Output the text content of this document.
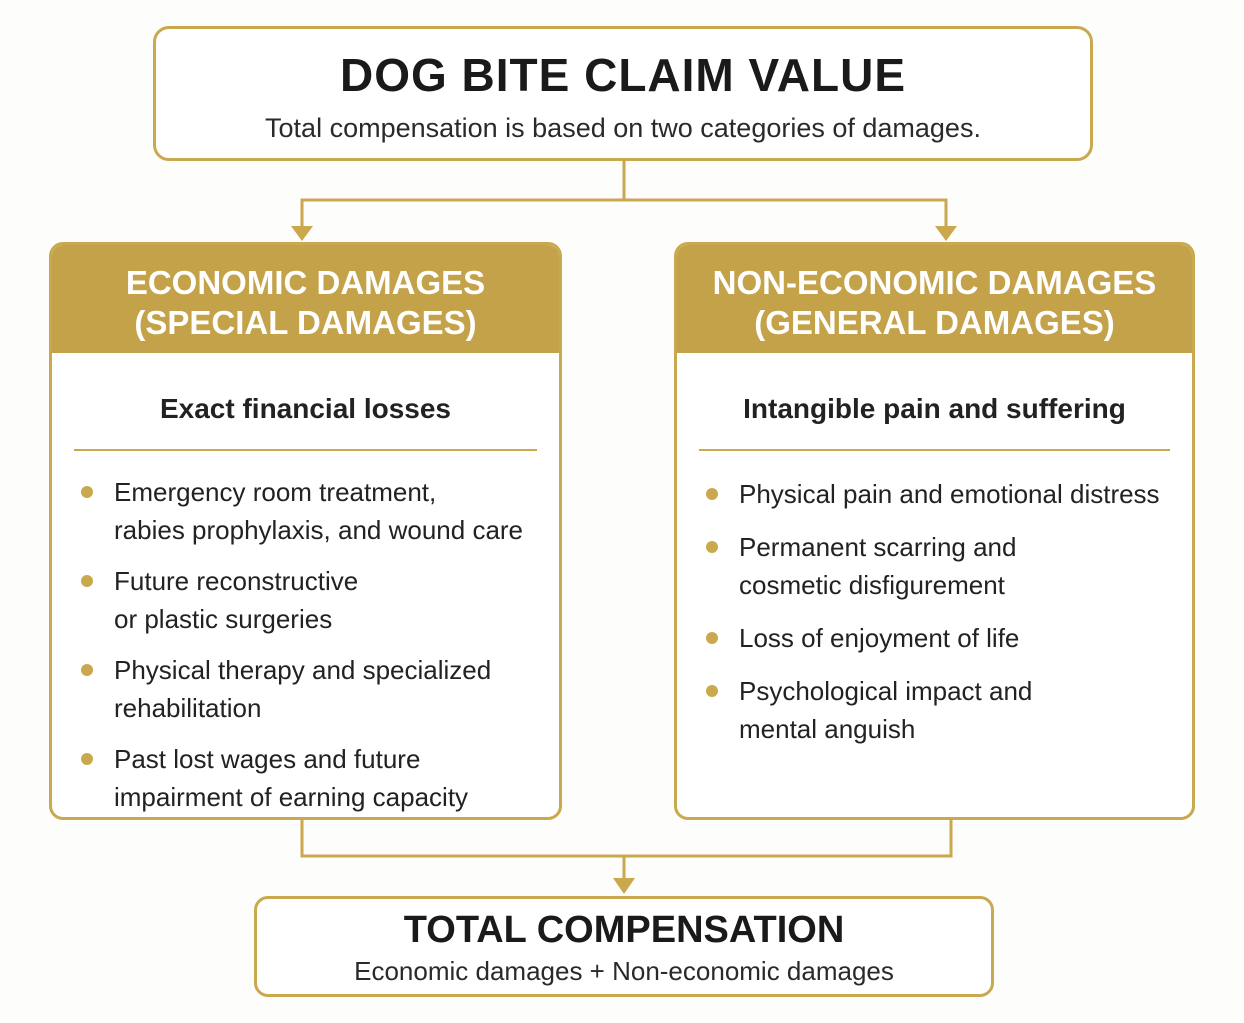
DOG BITE CLAIM VALUE
Total compensation is based on two categories of damages.
ECONOMIC DAMAGES
(SPECIAL DAMAGES)
Exact financial losses
Emergency room treatment,
rabies prophylaxis, and wound care
Future reconstructive
or plastic surgeries
Physical therapy and specialized
rehabilitation
Past lost wages and future
impairment of earning capacity
NON-ECONOMIC DAMAGES
(GENERAL DAMAGES)
Intangible pain and suffering
Physical pain and emotional distress
Permanent scarring and
cosmetic disfigurement
Loss of enjoyment of life
Psychological impact and
mental anguish
TOTAL COMPENSATION
Economic damages + Non-economic damages
